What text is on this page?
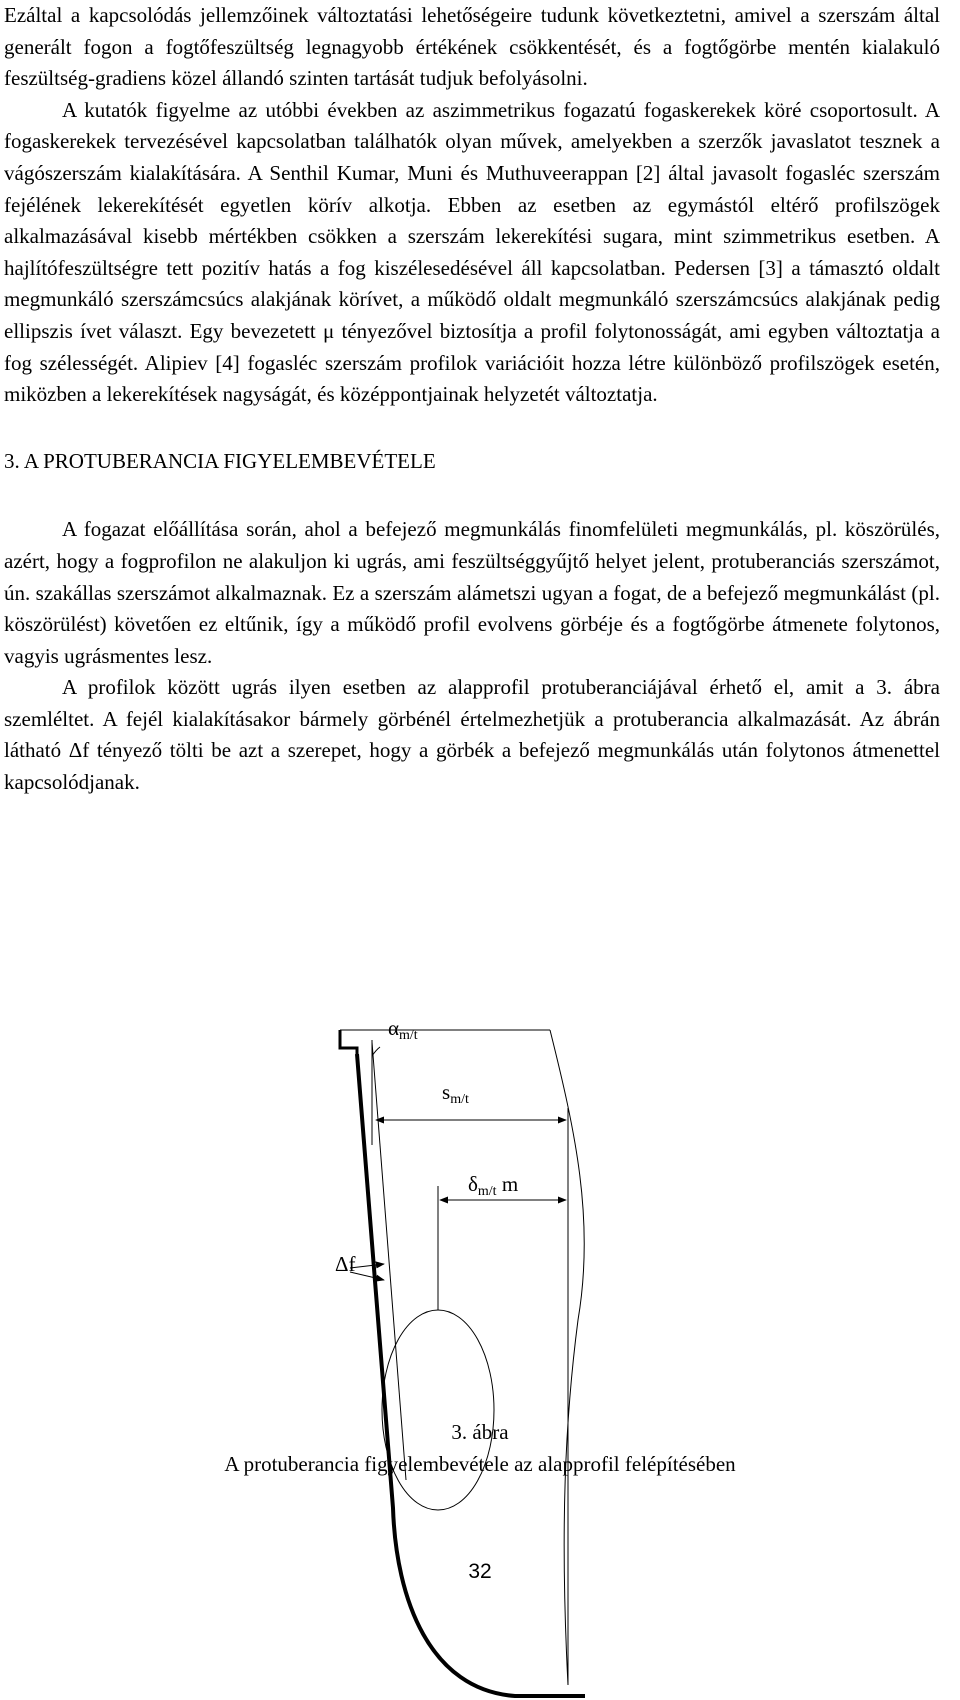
Ezáltal a kapcsolódás jellemzőinek változtatási lehetőségeire tudunk következtetni, amivel a szerszám által generált fogon a fogtőfeszültség legnagyobb értékének csökkentését, és a fogtőgörbe mentén kialakuló feszültség-gradiens közel állandó szinten tartását tudjuk befolyásolni.

A kutatók figyelme az utóbbi években az aszimmetrikus fogazatú fogaskerekek köré csoportosult. A fogaskerekek tervezésével kapcsolatban találhatók olyan művek, amelyekben a szerzők javaslatot tesznek a vágószerszám kialakítására. A Senthil Kumar, Muni és Muthuveerappan [2] által javasolt fogasléc szerszám fejélének lekerekítését egyetlen körív alkotja. Ebben az esetben az egymástól eltérő profilszögek alkalmazásával kisebb mértékben csökken a szerszám lekerekítési sugara, mint szimmetrikus esetben. A hajlítófeszültségre tett pozitív hatás a fog kiszélesedésével áll kapcsolatban. Pedersen [3] a támasztó oldalt megmunkáló szerszámcsúcs alakjának körívet, a működő oldalt megmunkáló szerszámcsúcs alakjának pedig ellipszis ívet választ. Egy bevezetett μ tényezővel biztosítja a profil folytonosságát, ami egyben változtatja a fog szélességét. Alipiev [4] fogasléc szerszám profilok variációit hozza létre különböző profilszögek esetén, miközben a lekerekítések nagyságát, és középpontjainak helyzetét változtatja.

3. A PROTUBERANCIA FIGYELEMBEVÉTELE

A fogazat előállítása során, ahol a befejező megmunkálás finomfelületi megmunkálás, pl. köszörülés, azért, hogy a fogprofilon ne alakuljon ki ugrás, ami feszültséggyűjtő helyet jelent, protuberanciás szerszámot, ún. szakállas szerszámot alkalmaznak. Ez a szerszám alámetszi ugyan a fogat, de a befejező megmunkálást (pl. köszörülést) követően ez eltűnik, így a működő profil evolvens görbéje és a fogtőgörbe átmenete folytonos, vagyis ugrásmentes lesz.

A profilok között ugrás ilyen esetben az alapprofil protuberanciájával érhető el, amit a 3. ábra szemléltet. A fejél kialakításakor bármely görbénél értelmezhetjük a protuberancia alkalmazását. Az ábrán látható Δf tényező tölti be azt a szerepet, hogy a görbék a befejező megmunkálás után folytonos átmenettel kapcsolódjanak.

$\alpha_{m/t}$
$s_{m/t}$
$\delta_{m/t}$ m
Δf
3. ábra
A protuberancia figyelembevétele az alapprofil felépítésében
32
